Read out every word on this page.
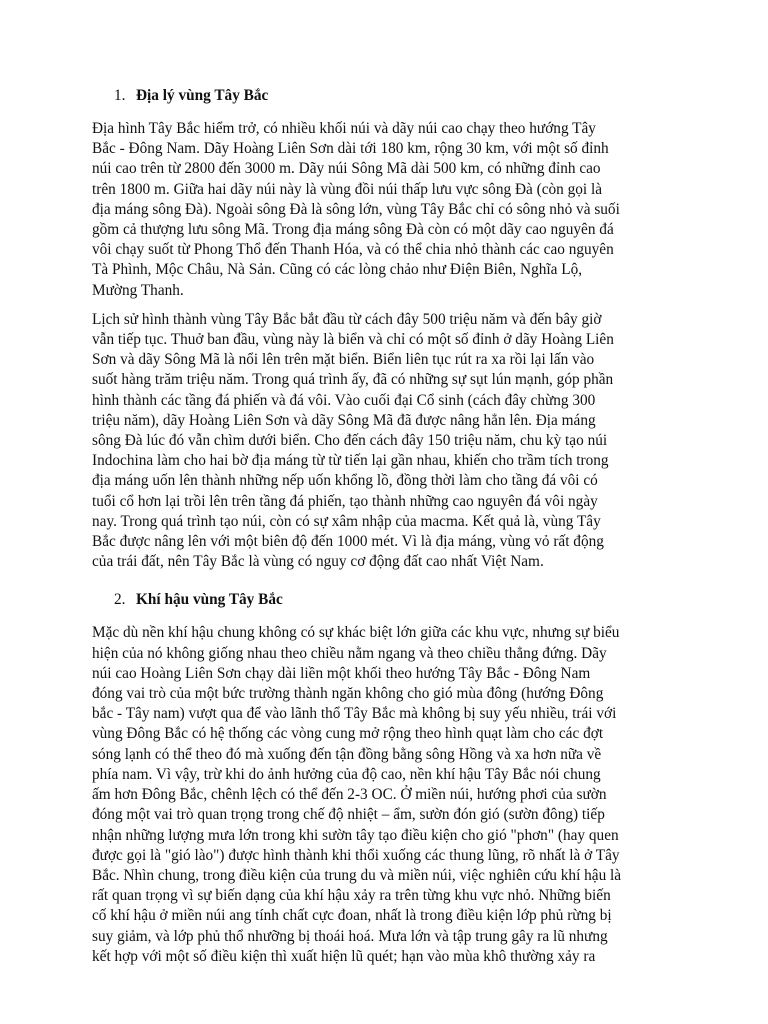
1. Địa lý vùng Tây Bắc

Địa hình Tây Bắc hiểm trở, có nhiều khối núi và dãy núi cao chạy theo hướng Tây
Bắc - Đông Nam. Dãy Hoàng Liên Sơn dài tới 180 km, rộng 30 km, với một số đỉnh
núi cao trên từ 2800 đến 3000 m. Dãy núi Sông Mã dài 500 km, có những đỉnh cao
trên 1800 m. Giữa hai dãy núi này là vùng đồi núi thấp lưu vực sông Đà (còn gọi là
địa máng sông Đà). Ngoài sông Đà là sông lớn, vùng Tây Bắc chỉ có sông nhỏ và suối
gồm cả thượng lưu sông Mã. Trong địa máng sông Đà còn có một dãy cao nguyên đá
vôi chạy suốt từ Phong Thổ đến Thanh Hóa, và có thể chia nhỏ thành các cao nguyên
Tà Phình, Mộc Châu, Nà Sản. Cũng có các lòng chảo như Điện Biên, Nghĩa Lộ,
Mường Thanh.

Lịch sử hình thành vùng Tây Bắc bắt đầu từ cách đây 500 triệu năm và đến bây giờ
vẫn tiếp tục. Thuở ban đầu, vùng này là biển và chỉ có một số đỉnh ở dãy Hoàng Liên
Sơn và dãy Sông Mã là nổi lên trên mặt biển. Biển liên tục rút ra xa rồi lại lấn vào
suốt hàng trăm triệu năm. Trong quá trình ấy, đã có những sự sụt lún mạnh, góp phần
hình thành các tầng đá phiến và đá vôi. Vào cuối đại Cổ sinh (cách đây chừng 300
triệu năm), dãy Hoàng Liên Sơn và dãy Sông Mã đã được nâng hẳn lên. Địa máng
sông Đà lúc đó vẫn chìm dưới biển. Cho đến cách đây 150 triệu năm, chu kỳ tạo núi
Indochina làm cho hai bờ địa máng từ từ tiến lại gần nhau, khiến cho trầm tích trong
địa máng uốn lên thành những nếp uốn khổng lồ, đồng thời làm cho tầng đá vôi có
tuổi cổ hơn lại trồi lên trên tầng đá phiến, tạo thành những cao nguyên đá vôi ngày
nay. Trong quá trình tạo núi, còn có sự xâm nhập của macma. Kết quả là, vùng Tây
Bắc được nâng lên với một biên độ đến 1000 mét. Vì là địa máng, vùng vỏ rất động
của trái đất, nên Tây Bắc là vùng có nguy cơ động đất cao nhất Việt Nam.

2. Khí hậu vùng Tây Bắc

Mặc dù nền khí hậu chung không có sự khác biệt lớn giữa các khu vực, nhưng sự biểu
hiện của nó không giống nhau theo chiều nằm ngang và theo chiều thẳng đứng. Dãy
núi cao Hoàng Liên Sơn chạy dài liền một khối theo hướng Tây Bắc - Đông Nam
đóng vai trò của một bức trường thành ngăn không cho gió mùa đông (hướng Đông
bắc - Tây nam) vượt qua để vào lãnh thổ Tây Bắc mà không bị suy yếu nhiều, trái với
vùng Đông Bắc có hệ thống các vòng cung mở rộng theo hình quạt làm cho các đợt
sóng lạnh có thể theo đó mà xuống đến tận đồng bằng sông Hồng và xa hơn nữa về
phía nam. Vì vậy, trừ khi do ảnh hưởng của độ cao, nền khí hậu Tây Bắc nói chung
ấm hơn Đông Bắc, chênh lệch có thể đến 2-3 OC. Ở miền núi, hướng phơi của sườn
đóng một vai trò quan trọng trong chế độ nhiệt – ẩm, sườn đón gió (sườn đông) tiếp
nhận những lượng mưa lớn trong khi sườn tây tạo điều kiện cho gió "phơn" (hay quen
được gọi là "gió lào") được hình thành khi thổi xuống các thung lũng, rõ nhất là ở Tây
Bắc. Nhìn chung, trong điều kiện của trung du và miền núi, việc nghiên cứu khí hậu là
rất quan trọng vì sự biến dạng của khí hậu xảy ra trên từng khu vực nhỏ. Những biến
cố khí hậu ở miền núi ang tính chất cực đoan, nhất là trong điều kiện lớp phủ rừng bị
suy giảm, và lớp phủ thổ nhưỡng bị thoái hoá. Mưa lớn và tập trung gây ra lũ nhưng
kết hợp với một số điều kiện thì xuất hiện lũ quét; hạn vào mùa khô thường xảy ra
